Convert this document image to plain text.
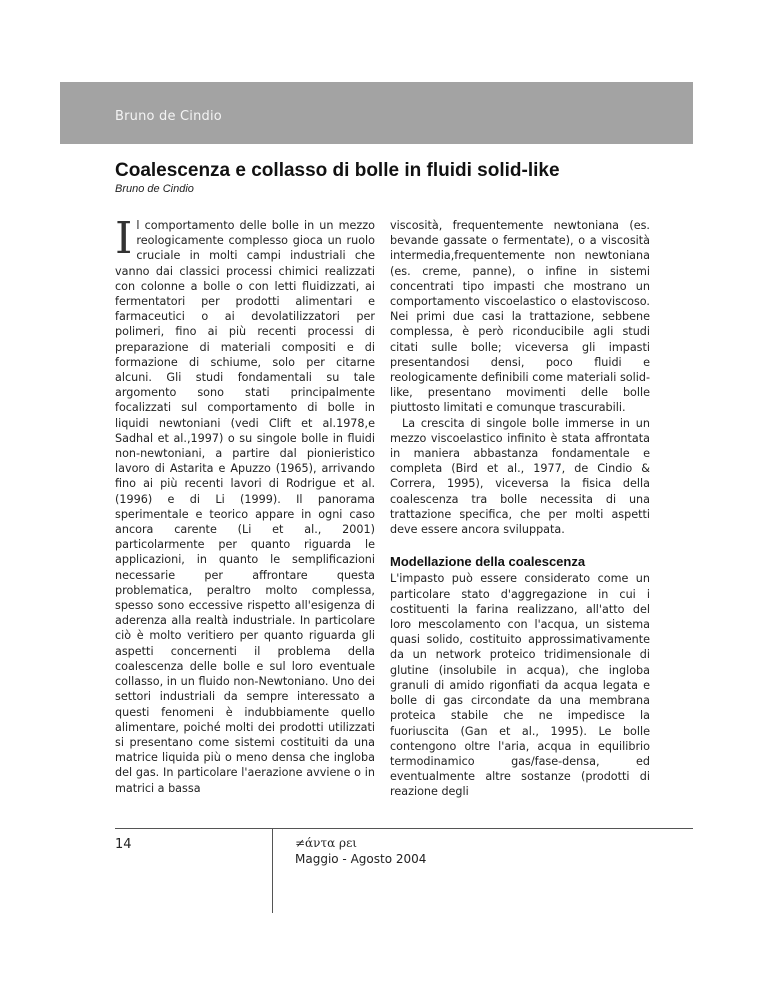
Bruno de Cindio
Coalescenza e collasso di bolle in fluidi solid-like
Bruno de Cindio

Il comportamento delle bolle in un mezzo reologicamente complesso gioca un ruolo cruciale in molti campi industriali che vanno dai classici processi chimici realizzati con colonne a bolle o con letti fluidizzati, ai fermentatori per prodotti alimentari e farmaceutici o ai devolatilizzatori per polimeri, fino ai più recenti processi di preparazione di materiali compositi e di formazione di schiume, solo per citarne alcuni. Gli studi fondamentali su tale argomento sono stati principalmente focalizzati sul comportamento di bolle in liquidi newtoniani (vedi Clift et al.1978,e Sadhal et al.,1997) o su singole bolle in fluidi non-newtoniani, a partire dal pionieristico lavoro di Astarita e Apuzzo (1965), arrivando fino ai più recenti lavori di Rodrigue et al. (1996) e di Li (1999). Il panorama sperimentale e teorico appare in ogni caso ancora carente (Li et al., 2001) particolarmente per quanto riguarda le applicazioni, in quanto le semplificazioni necessarie per affrontare questa problematica, peraltro molto complessa, spesso sono eccessive rispetto all'esigenza di aderenza alla realtà industriale. In particolare ciò è molto veritiero per quanto riguarda gli aspetti concernenti il problema della coalescenza delle bolle e sul loro eventuale collasso, in un fluido non-Newtoniano. Uno dei settori industriali da sempre interessato a questi fenomeni è indubbiamente quello alimentare, poiché molti dei prodotti utilizzati si presentano come sistemi costituiti da una matrice liquida più o meno densa che ingloba del gas. In particolare l'aerazione avviene o in matrici a bassa

viscosità, frequentemente newtoniana (es. bevande gassate o fermentate), o a viscosità intermedia,frequentemente non newtoniana (es. creme, panne), o infine in sistemi concentrati tipo impasti che mostrano un comportamento viscoelastico o elastoviscoso. Nei primi due casi la trattazione, sebbene complessa, è però riconducibile agli studi citati sulle bolle; viceversa gli impasti presentandosi densi, poco fluidi e reologicamente definibili come materiali solid-like, presentano movimenti delle bolle piuttosto limitati e comunque trascurabili.

La crescita di singole bolle immerse in un mezzo viscoelastico infinito è stata affrontata in maniera abbastanza fondamentale e completa (Bird et al., 1977, de Cindio & Correra, 1995), viceversa la fisica della coalescenza tra bolle necessita di una trattazione specifica, che per molti aspetti deve essere ancora sviluppata.

Modellazione della coalescenza

L'impasto può essere considerato come un particolare stato d'aggregazione in cui i costituenti la farina realizzano, all'atto del loro mescolamento con l'acqua, un sistema quasi solido, costituito approssimativamente da un network proteico tridimensionale di glutine (insolubile in acqua), che ingloba granuli di amido rigonfiati da acqua legata e bolle di gas circondate da una membrana proteica stabile che ne impedisce la fuoriuscita (Gan et al., 1995). Le bolle contengono oltre l'aria, acqua in equilibrio termodinamico gas/fase-densa, ed eventualmente altre sostanze (prodotti di reazione degli

14	≠άντα ρει
Maggio - Agosto 2004
